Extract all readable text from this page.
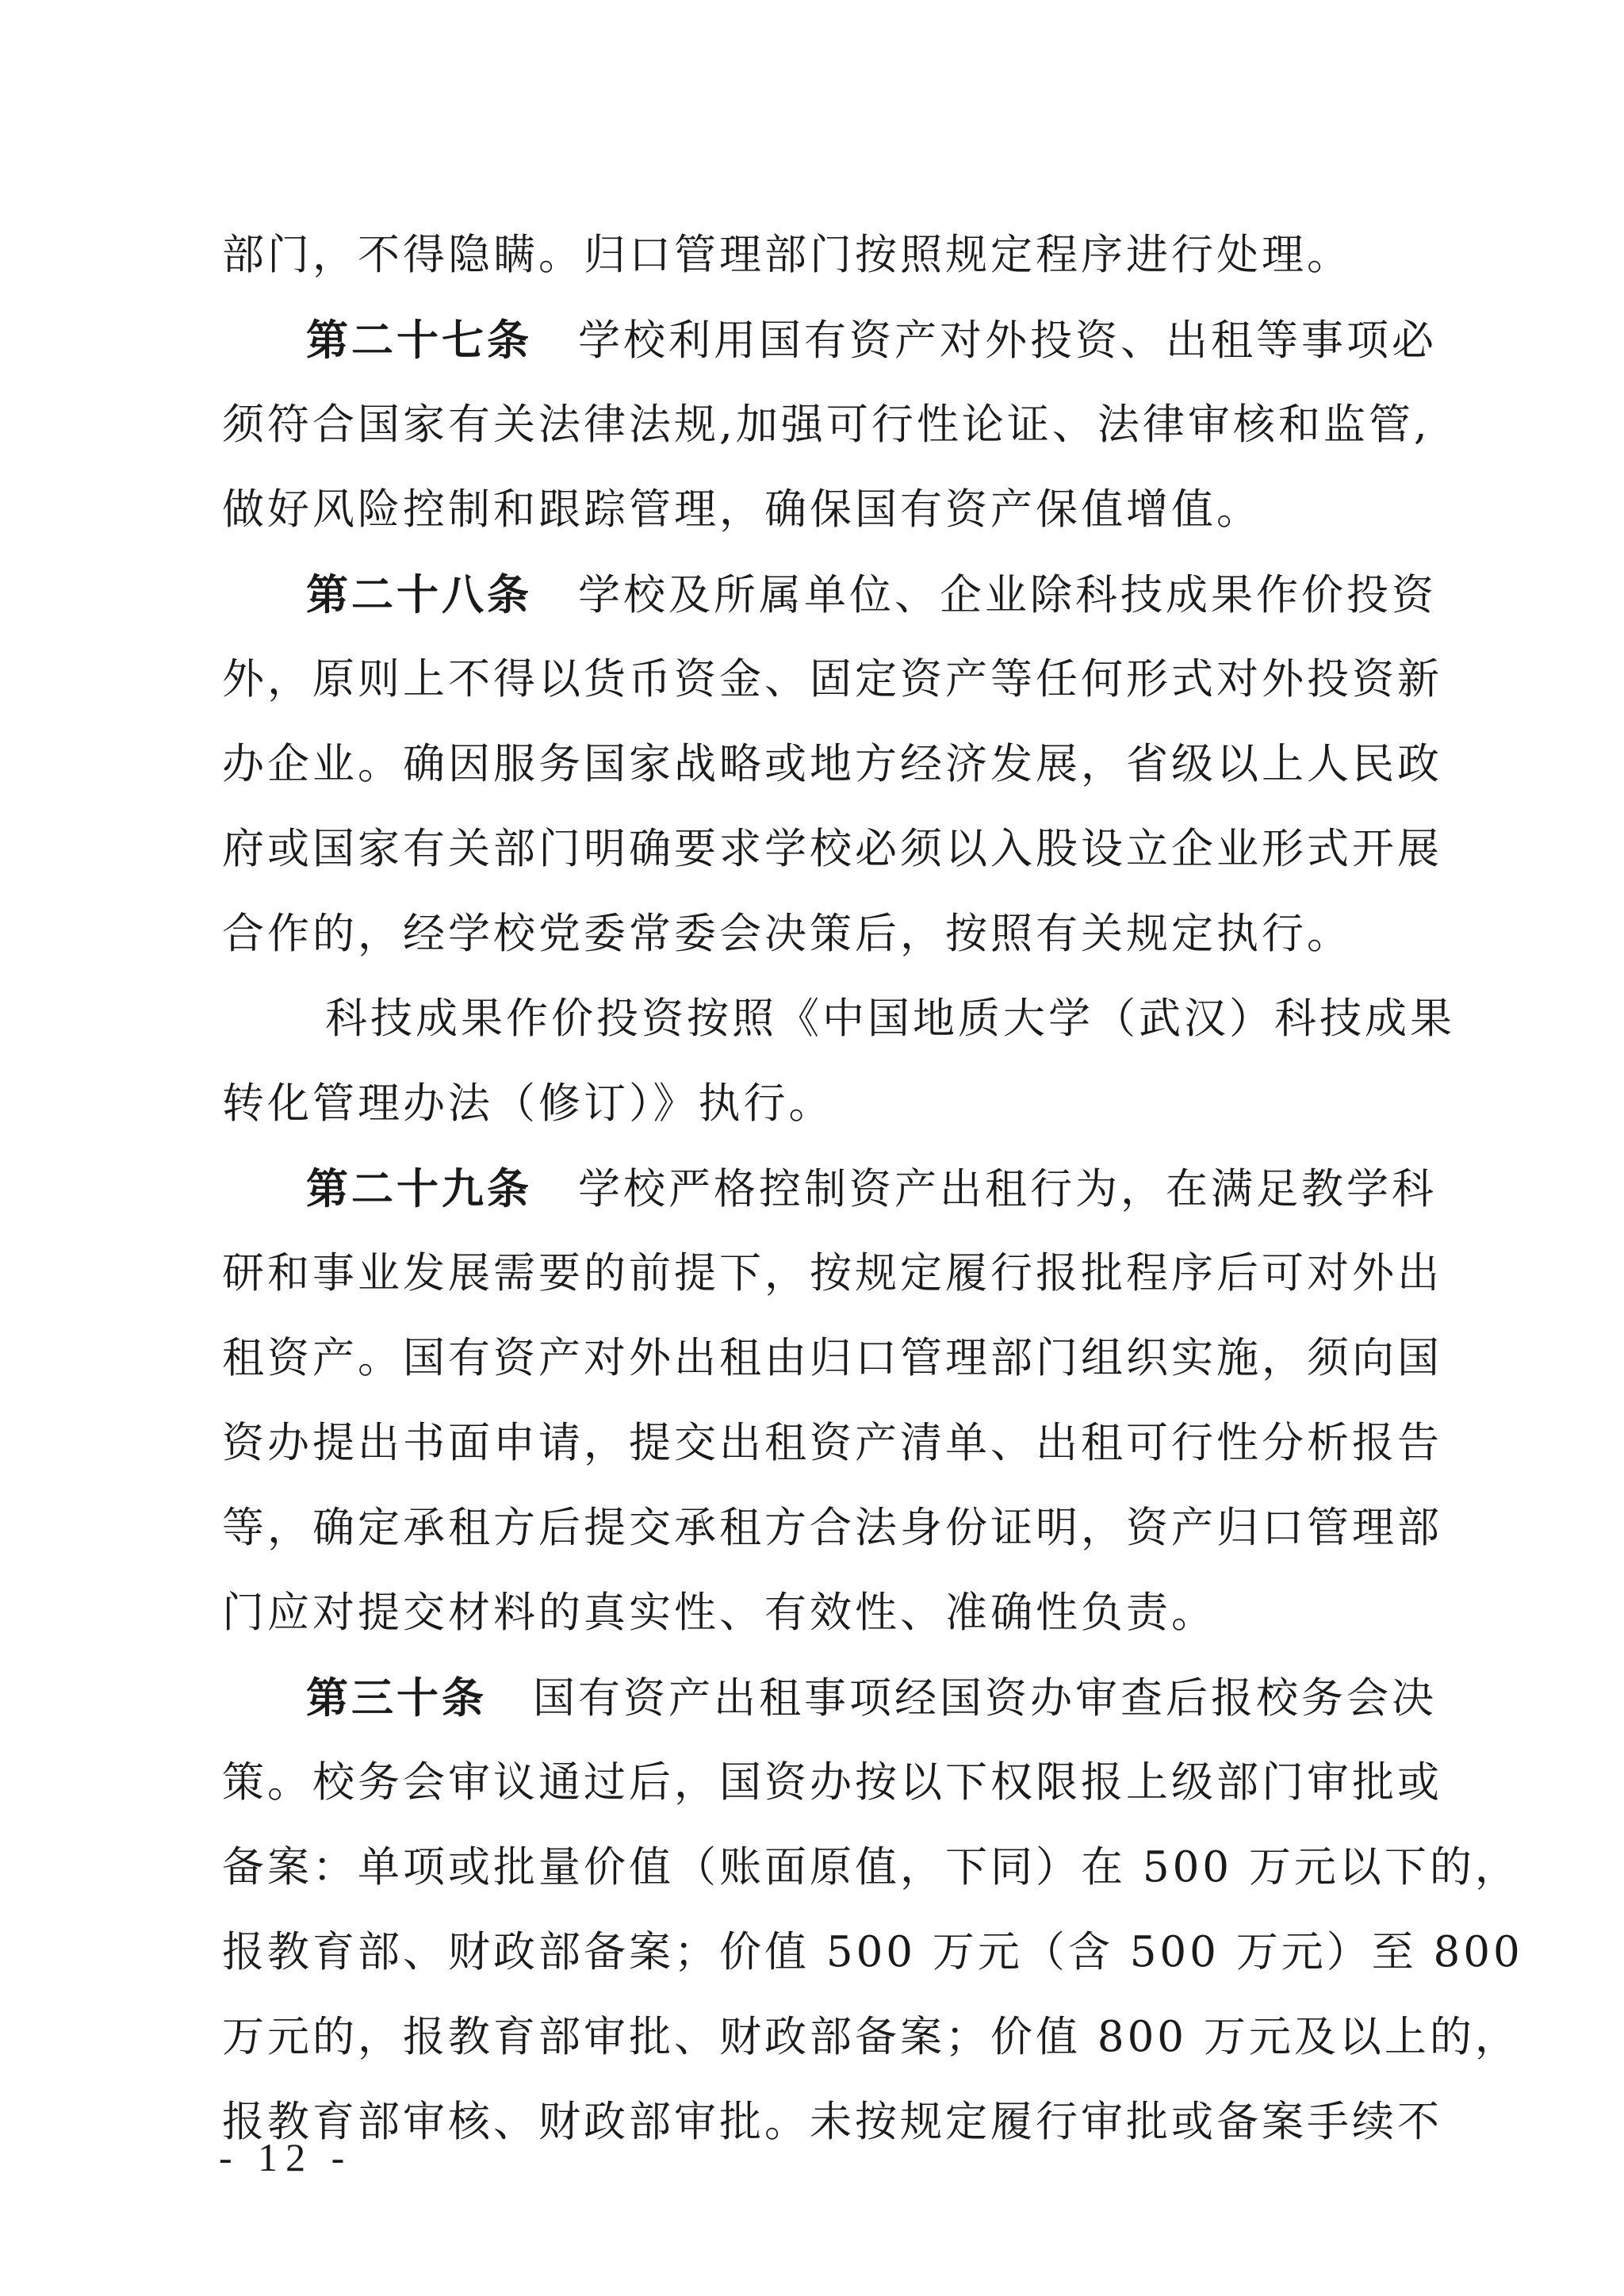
部门，不得隐瞒。归口管理部门按照规定程序进行处理。
第二十七条 学校利用国有资产对外投资、出租等事项必
须符合国家有关法律法规,加强可行性论证、法律审核和监管,
做好风险控制和跟踪管理，确保国有资产保值增值。
第二十八条 学校及所属单位、企业除科技成果作价投资
外，原则上不得以货币资金、固定资产等任何形式对外投资新
办企业。确因服务国家战略或地方经济发展，省级以上人民政
府或国家有关部门明确要求学校必须以入股设立企业形式开展
合作的，经学校党委常委会决策后，按照有关规定执行。
科技成果作价投资按照《中国地质大学（武汉）科技成果
转化管理办法（修订）》执行。
第二十九条 学校严格控制资产出租行为，在满足教学科
研和事业发展需要的前提下，按规定履行报批程序后可对外出
租资产。国有资产对外出租由归口管理部门组织实施，须向国
资办提出书面申请，提交出租资产清单、出租可行性分析报告
等，确定承租方后提交承租方合法身份证明，资产归口管理部
门应对提交材料的真实性、有效性、准确性负责。
第三十条 国有资产出租事项经国资办审查后报校务会决
策。校务会审议通过后，国资办按以下权限报上级部门审批或
备案：单项或批量价值（账面原值，下同）在 500 万元以下的，
报教育部、财政部备案；价值 500 万元（含 500 万元）至 800
万元的，报教育部审批、财政部备案；价值 800 万元及以上的，
报教育部审核、财政部审批。未按规定履行审批或备案手续不
- 12 -
